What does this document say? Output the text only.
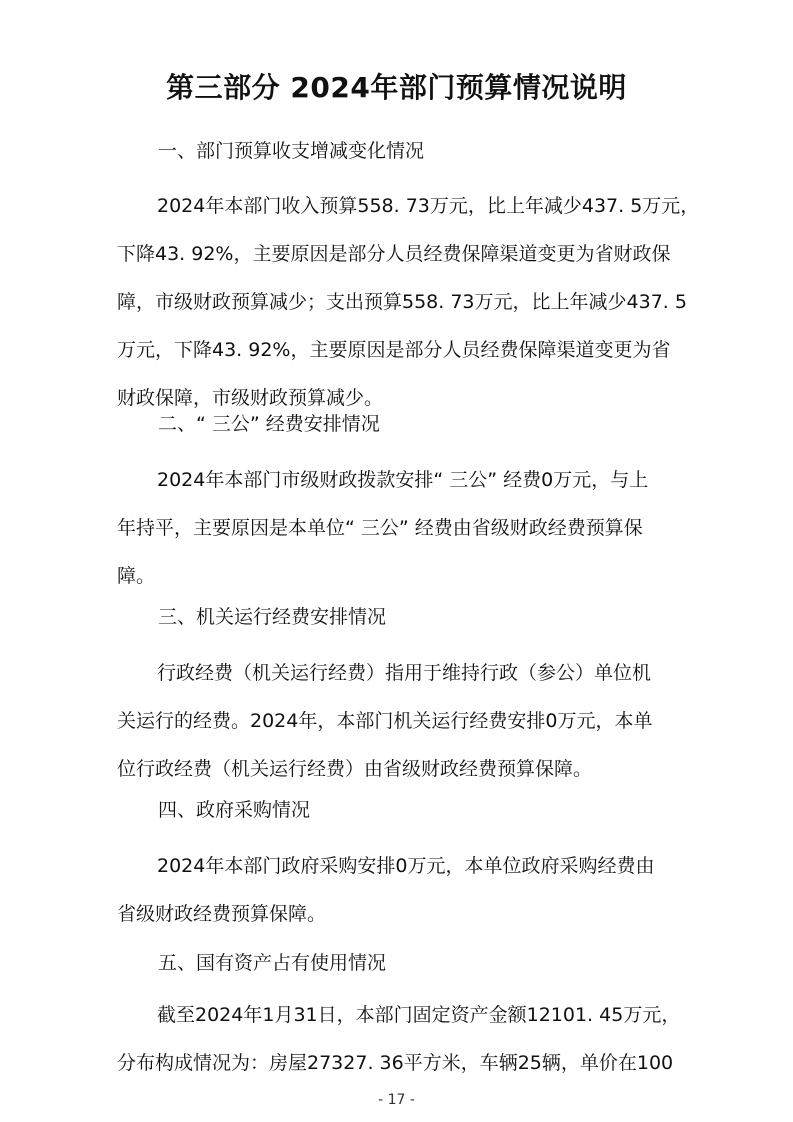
第三部分 2024年部门预算情况说明
一、部门预算收支增减变化情况
2024年本部门收入预算558. 73万元，比上年减少437. 5万元，
下降43. 92%，主要原因是部分人员经费保障渠道变更为省财政保
障，市级财政预算减少；支出预算558. 73万元，比上年减少437. 5
万元，下降43. 92%，主要原因是部分人员经费保障渠道变更为省
财政保障，市级财政预算减少。
二、“ 三公” 经费安排情况
2024年本部门市级财政拨款安排“ 三公” 经费0万元，与上
年持平，主要原因是本单位“ 三公” 经费由省级财政经费预算保
障。
三、机关运行经费安排情况
行政经费（机关运行经费）指用于维持行政（参公）单位机
关运行的经费。2024年，本部门机关运行经费安排0万元，本单
位行政经费（机关运行经费）由省级财政经费预算保障。
四、政府采购情况
2024年本部门政府采购安排0万元，本单位政府采购经费由
省级财政经费预算保障。
五、国有资产占有使用情况
截至2024年1月31日，本部门固定资产金额12101. 45万元，
分布构成情况为：房屋27327. 36平方米，车辆25辆，单价在100
- 17 -
